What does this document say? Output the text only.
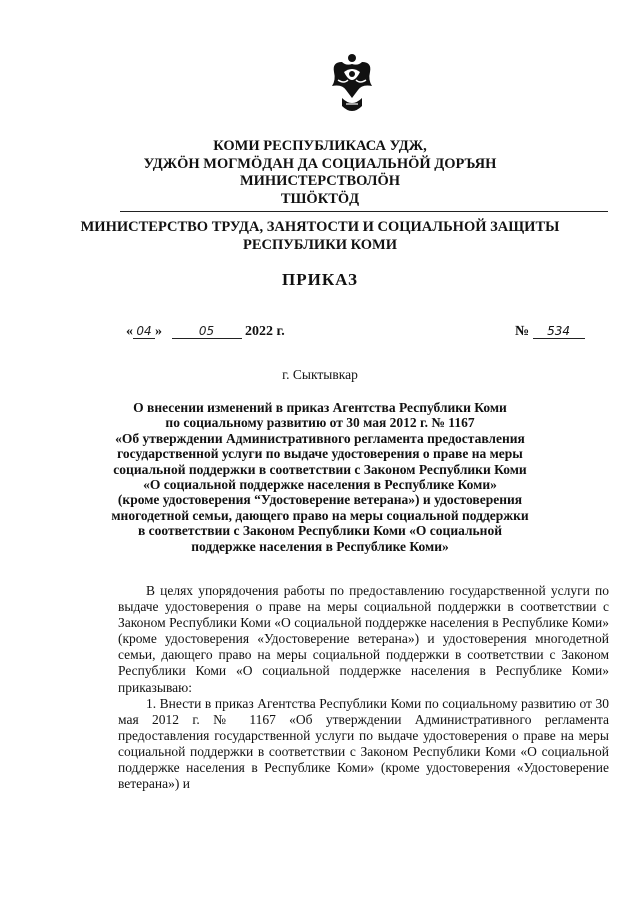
КОМИ РЕСПУБЛИКАСА УДЖ,
УДЖӦН МОГМӦДАН ДА СОЦИАЛЬНӦЙ ДОРЪЯН
МИНИСТЕРСТВОЛӦН
ТШӦКТӦД
МИНИСТЕРСТВО ТРУДА, ЗАНЯТОСТИ И СОЦИАЛЬНОЙ ЗАЩИТЫ
РЕСПУБЛИКИ КОМИ
ПРИКАЗ
« 04 »	05 2022 г.	№ 534
г. Сыктывкар
О внесении изменений в приказ Агентства Республики Коми
по социальному развитию от 30 мая 2012 г. № 1167
«Об утверждении Административного регламента предоставления
государственной услуги по выдаче удостоверения о праве на меры
социальной поддержки в соответствии с Законом Республики Коми
«О социальной поддержке населения в Республике Коми»
(кроме удостоверения “Удостоверение ветерана») и удостоверения
многодетной семьи, дающего право на меры социальной поддержки
в соответствии с Законом Республики Коми «О социальной
поддержке населения в Республике Коми»

В целях упорядочения работы по предоставлению государственной услуги по выдаче удостоверения о праве на меры социальной поддержки в соответствии с Законом Республики Коми «О социальной поддержке населения в Республике Коми» (кроме удостоверения «Удостоверение ветерана») и удостоверения многодетной семьи, дающего право на меры социальной поддержки в соответствии с Законом Республики Коми «О социальной поддержке населения в Республике Коми» приказываю:

1. Внести в приказ Агентства Республики Коми по социальному развитию от 30 мая 2012 г. № 1167 «Об утверждении Административного регламента предоставления государственной услуги по выдаче удостоверения о праве на меры социальной поддержки в соответствии с Законом Республики Коми «О социальной поддержке населения в Республике Коми» (кроме удостоверения «Удостоверение ветерана») и
